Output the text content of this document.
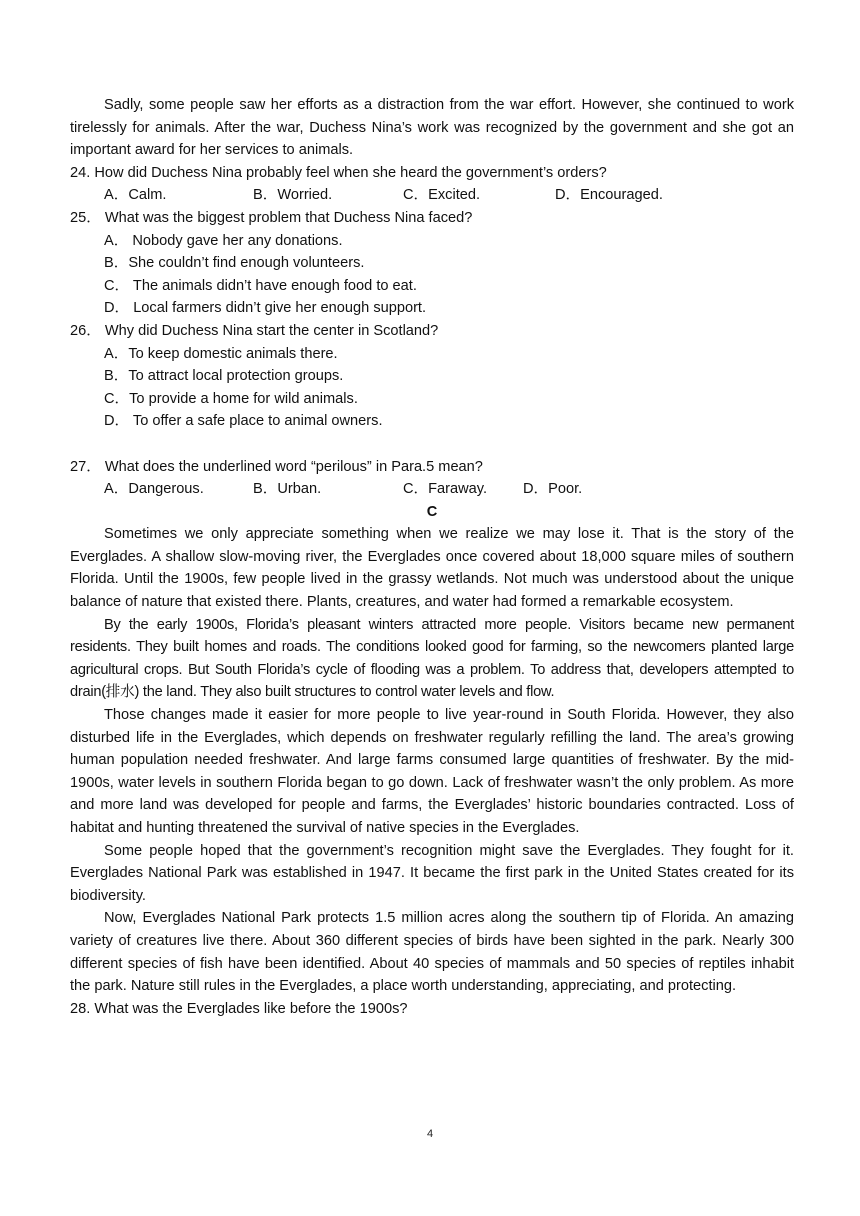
Sadly, some people saw her efforts as a distraction from the war effort. However, she continued to work tirelessly for animals. After the war, Duchess Nina’s work was recognized by the government and she got an important award for her services to animals.

24. How did Duchess Nina probably feel when she heard the government’s orders?

A．Calm.	B．Worried.	C．Excited.	D．Encouraged.

25． What was the biggest problem that Duchess Nina faced?

A． Nobody gave her any donations.

B．She couldn’t find enough volunteers.

C． The animals didn’t have enough food to eat.

D． Local farmers didn’t give her enough support.

26． Why did Duchess Nina start the center in Scotland?

A．To keep domestic animals there.

B．To attract local protection groups.

C．To provide a home for wild animals.

D． To offer a safe place to animal owners.

27． What does the underlined word “perilous” in Para.5 mean?

A．Dangerous.	B．Urban.	C．Faraway.	D．Poor.

C

Sometimes we only appreciate something when we realize we may lose it. That is the story of the Everglades. A shallow slow-moving river, the Everglades once covered about 18,000 square miles of southern Florida. Until the 1900s, few people lived in the grassy wetlands. Not much was understood about the unique balance of nature that existed there. Plants, creatures, and water had formed a remarkable ecosystem.

By the early 1900s, Florida’s pleasant winters attracted more people. Visitors became new permanent residents. They built homes and roads. The conditions looked good for farming, so the newcomers planted large agricultural crops. But South Florida’s cycle of flooding was a problem. To address that, developers attempted to drain(排水) the land. They also built structures to control water levels and flow.

Those changes made it easier for more people to live year-round in South Florida. However, they also disturbed life in the Everglades, which depends on freshwater regularly refilling the land. The area’s growing human population needed freshwater. And large farms consumed large quantities of freshwater. By the mid-1900s, water levels in southern Florida began to go down. Lack of freshwater wasn’t the only problem. As more and more land was developed for people and farms, the Everglades’ historic boundaries contracted. Loss of habitat and hunting threatened the survival of native species in the Everglades.

Some people hoped that the government’s recognition might save the Everglades. They fought for it. Everglades National Park was established in 1947. It became the first park in the United States created for its biodiversity.

Now, Everglades National Park protects 1.5 million acres along the southern tip of Florida. An amazing variety of creatures live there. About 360 different species of birds have been sighted in the park. Nearly 300 different species of fish have been identified. About 40 species of mammals and 50 species of reptiles inhabit the park. Nature still rules in the Everglades, a place worth understanding, appreciating, and protecting.

28. What was the Everglades like before the 1900s?

4
